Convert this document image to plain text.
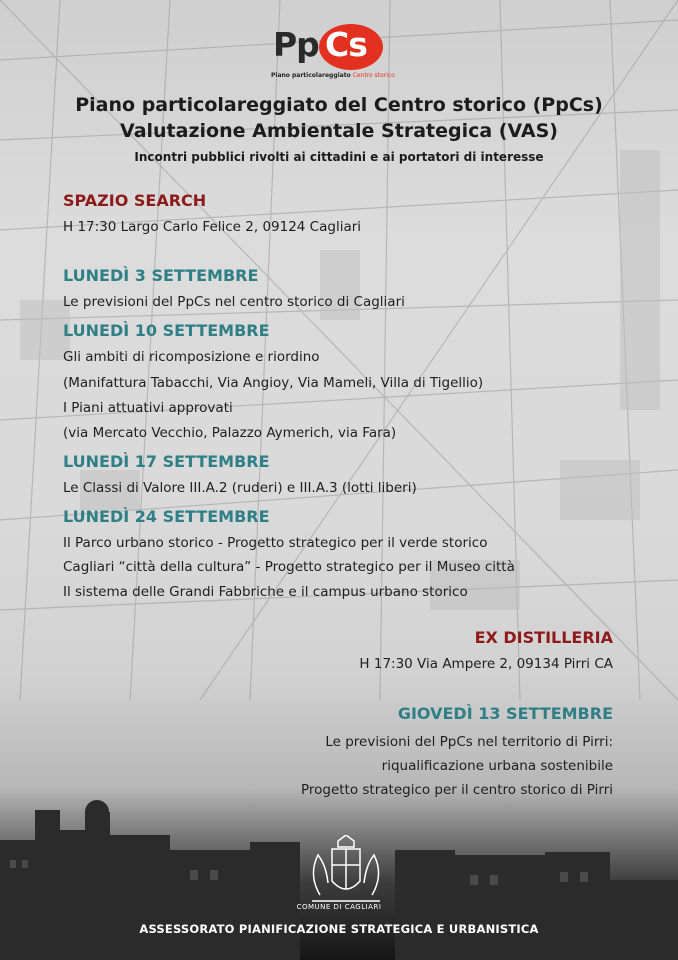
Pp Cs
Piano particolareggiato Centro storico
Piano particolareggiato del Centro storico (PpCs)
Valutazione Ambientale Strategica (VAS)
Incontri pubblici rivolti ai cittadini e ai portatori di interesse
SPAZIO SEARCH
H 17:30 Largo Carlo Felice 2, 09124 Cagliari
LUNEDÌ 3 SETTEMBRE
Le previsioni del PpCs nel centro storico di Cagliari
LUNEDÌ 10 SETTEMBRE
Gli ambiti di ricomposizione e riordino
(Manifattura Tabacchi, Via Angioy, Via Mameli, Villa di Tigellio)
I Piani attuativi approvati
(via Mercato Vecchio, Palazzo Aymerich, via Fara)
LUNEDÌ 17 SETTEMBRE
Le Classi di Valore III.A.2 (ruderi) e III.A.3 (lotti liberi)
LUNEDÌ 24 SETTEMBRE
Il Parco urbano storico - Progetto strategico per il verde storico
Cagliari “città della cultura” - Progetto strategico per il Museo città
Il sistema delle Grandi Fabbriche e il campus urbano storico
EX DISTILLERIA
H 17:30 Via Ampere 2, 09134 Pirri CA
GIOVEDÌ 13 SETTEMBRE
Le previsioni del PpCs nel territorio di Pirri:
riqualificazione urbana sostenibile
Progetto strategico per il centro storico di Pirri
COMUNE DI CAGLIARI
ASSESSORATO PIANIFICAZIONE STRATEGICA E URBANISTICA
